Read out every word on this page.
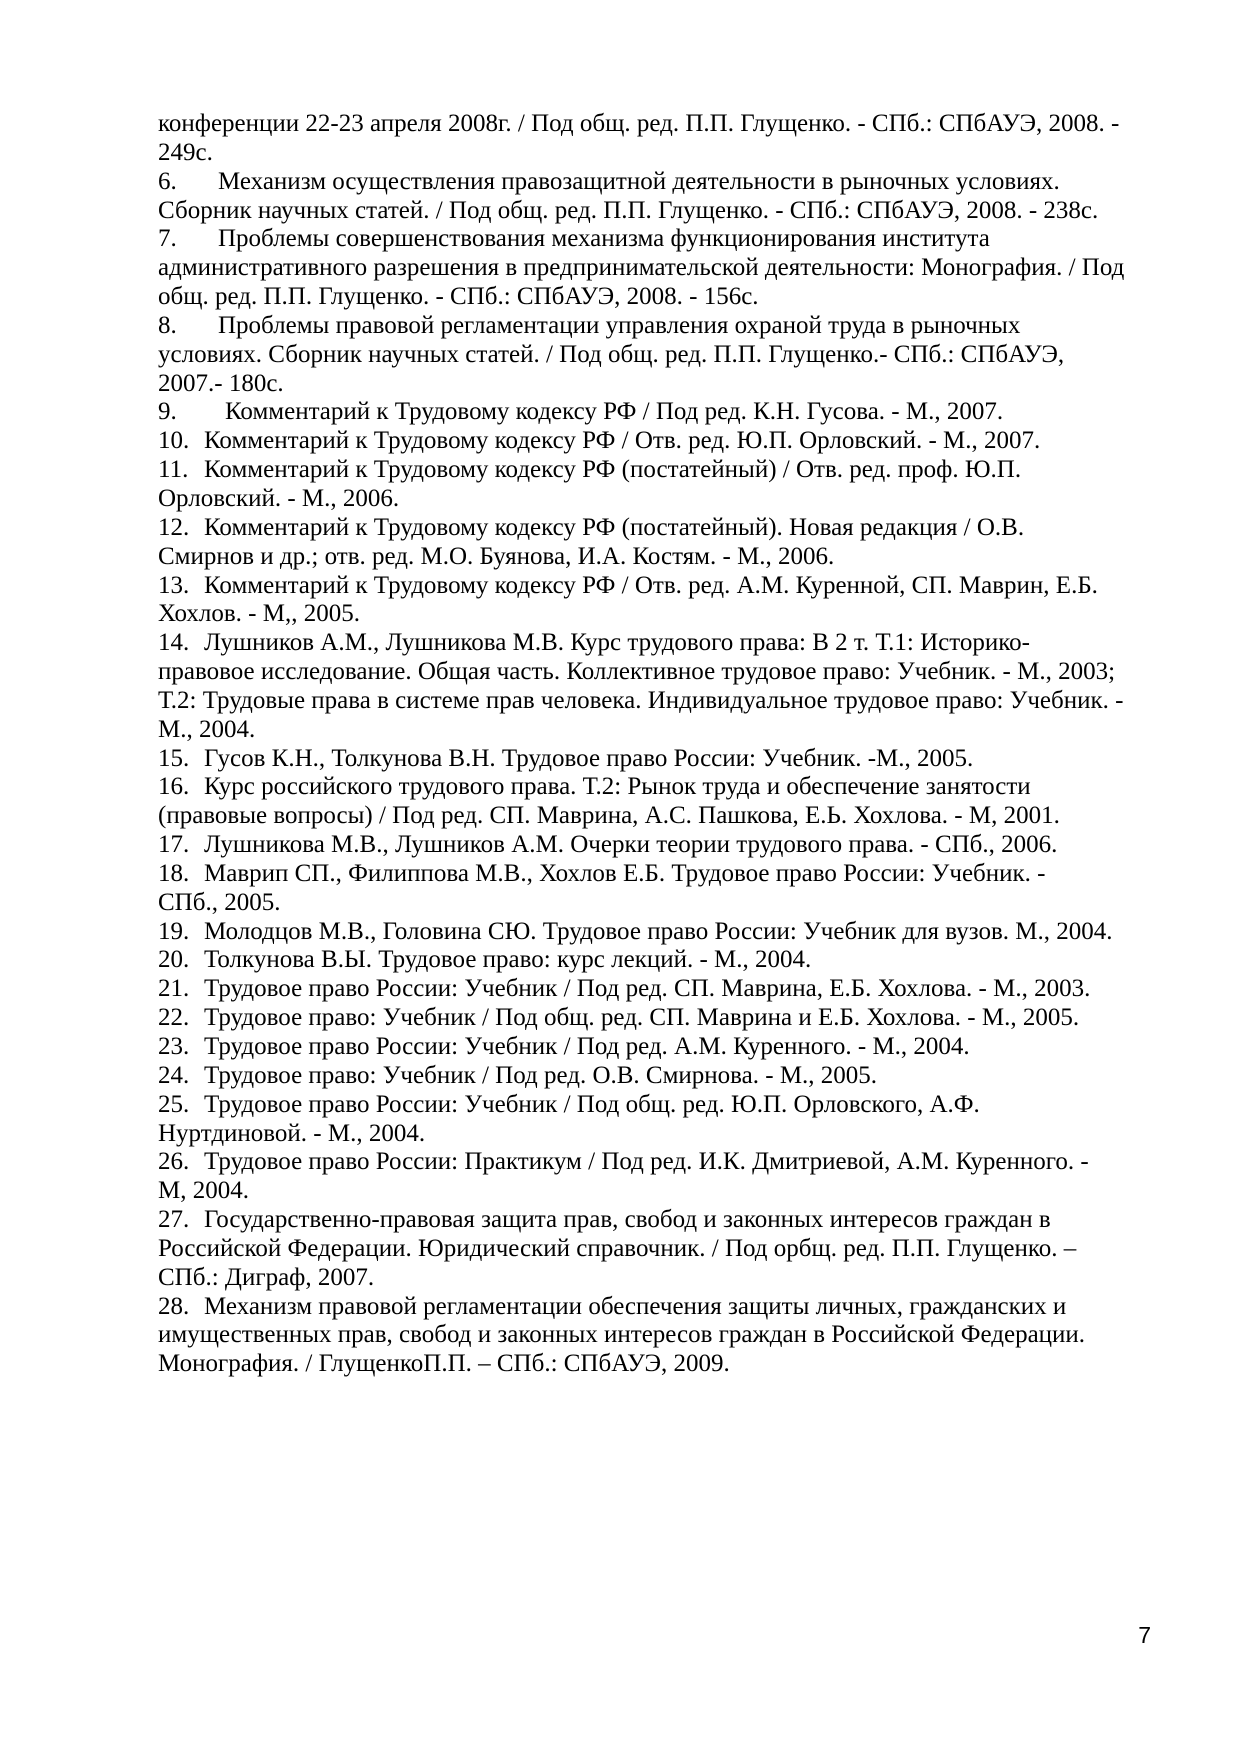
конференции 22-23 апреля 2008г. / Под общ. ред. П.П. Глущенко. - СПб.: СПбАУЭ, 2008. -
249с.

6. Механизм осуществления правозащитной деятельности в рыночных условиях.
Сборник научных статей. / Под общ. ред. П.П. Глущенко. - СПб.: СПбАУЭ, 2008. - 238с.

7. Проблемы совершенствования механизма функционирования института
административного разрешения в предпринимательской деятельности: Монография. / Под
общ. ред. П.П. Глущенко. - СПб.: СПбАУЭ, 2008. - 156с.

8. Проблемы правовой регламентации управления охраной труда в рыночных
условиях. Сборник научных статей. / Под общ. ред. П.П. Глущенко.- СПб.: СПбАУЭ,
2007.- 180с.

9. Комментарий к Трудовому кодексу РФ / Под ред. К.Н. Гусова. - М., 2007.

10. Комментарий к Трудовому кодексу РФ / Отв. ред. Ю.П. Орловский. - М., 2007.

11. Комментарий к Трудовому кодексу РФ (постатейный) / Отв. ред. проф. Ю.П.
Орловский. - М., 2006.

12. Комментарий к Трудовому кодексу РФ (постатейный). Новая редакция / О.В.
Смирнов и др.; отв. ред. М.О. Буянова, И.А. Костям. - М., 2006.

13. Комментарий к Трудовому кодексу РФ / Отв. ред. А.М. Куренной, СП. Маврин, Е.Б.
Хохлов. - М,, 2005.

14. Лушников А.М., Лушникова М.В. Курс трудового права: В 2 т. Т.1: Историко-
правовое исследование. Общая часть. Коллективное трудовое право: Учебник. - М., 2003;
Т.2: Трудовые права в системе прав человека. Индивидуальное трудовое право: Учебник. -
М., 2004.

15. Гусов К.Н., Толкунова В.Н. Трудовое право России: Учебник. -М., 2005.

16. Курс российского трудового права. Т.2: Рынок труда и обеспечение занятости
(правовые вопросы) / Под ред. СП. Маврина, А.С. Пашкова, Е.Ь. Хохлова. - М, 2001.

17. Лушникова М.В., Лушников А.М. Очерки теории трудового права. - СПб., 2006.

18. Маврип СП., Филиппова М.В., Хохлов Е.Б. Трудовое право России: Учебник. -
СПб., 2005.

19. Молодцов М.В., Головина СЮ. Трудовое право России: Учебник для вузов. М., 2004.

20. Толкунова В.Ы. Трудовое право: курс лекций. - М., 2004.

21. Трудовое право России: Учебник / Под ред. СП. Маврина, Е.Б. Хохлова. - М., 2003.

22. Трудовое право: Учебник / Под общ. ред. СП. Маврина и Е.Б. Хохлова. - М., 2005.

23. Трудовое право России: Учебник / Под ред. А.М. Куренного. - М., 2004.

24. Трудовое право: Учебник / Под ред. О.В. Смирнова. - М., 2005.

25. Трудовое право России: Учебник / Под общ. ред. Ю.П. Орловского, А.Ф.
Нуртдиновой. - М., 2004.

26. Трудовое право России: Практикум / Под ред. И.К. Дмитриевой, А.М. Куренного. -
М, 2004.

27. Государственно-правовая защита прав, свобод и законных интересов граждан в
Российской Федерации. Юридический справочник. / Под орбщ. ред. П.П. Глущенко. –
СПб.: Диграф, 2007.

28. Механизм правовой регламентации обеспечения защиты личных, гражданских и
имущественных прав, свобод и законных интересов граждан в Российской Федерации.
Монография. / ГлущенкоП.П. – СПб.: СПбАУЭ, 2009.

7
